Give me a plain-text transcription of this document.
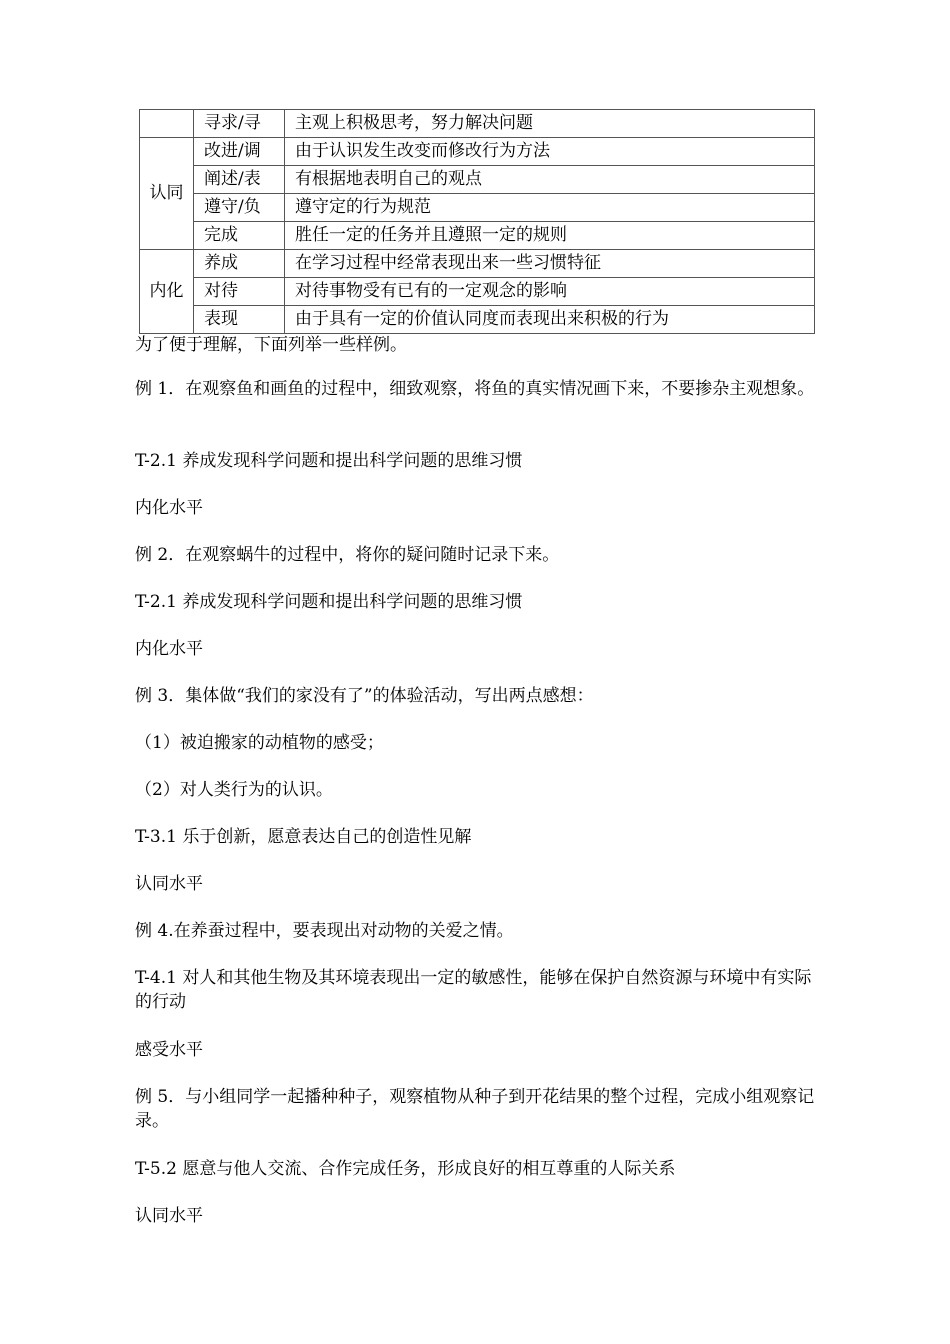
	寻求/寻	主观上积极思考，努力解决问题
认同	改进/调	由于认识发生改变而修改行为方法
	阐述/表	有根据地表明自己的观点
	遵守/负	遵守定的行为规范
	完成	胜任一定的任务并且遵照一定的规则
内化	养成	在学习过程中经常表现出来一些习惯特征
	对待	对待事物受有已有的一定观念的影响
	表现	由于具有一定的价值认同度而表现出来积极的行为

为了便于理解，下面列举一些样例。

例 1．在观察鱼和画鱼的过程中，细致观察，将鱼的真实情况画下来，不要掺杂主观想象。

T-2.1 养成发现科学问题和提出科学问题的思维习惯

内化水平

例 2．在观察蜗牛的过程中，将你的疑问随时记录下来。

T-2.1 养成发现科学问题和提出科学问题的思维习惯

内化水平

例 3．集体做“我们的家没有了”的体验活动，写出两点感想：

（1）被迫搬家的动植物的感受；

（2）对人类行为的认识。

T-3.1 乐于创新，愿意表达自己的创造性见解

认同水平

例 4.在养蚕过程中，要表现出对动物的关爱之情。

T-4.1 对人和其他生物及其环境表现出一定的敏感性，能够在保护自然资源与环境中有实际的行动

感受水平

例 5．与小组同学一起播种种子，观察植物从种子到开花结果的整个过程，完成小组观察记录。

T-5.2 愿意与他人交流、合作完成任务，形成良好的相互尊重的人际关系

认同水平
